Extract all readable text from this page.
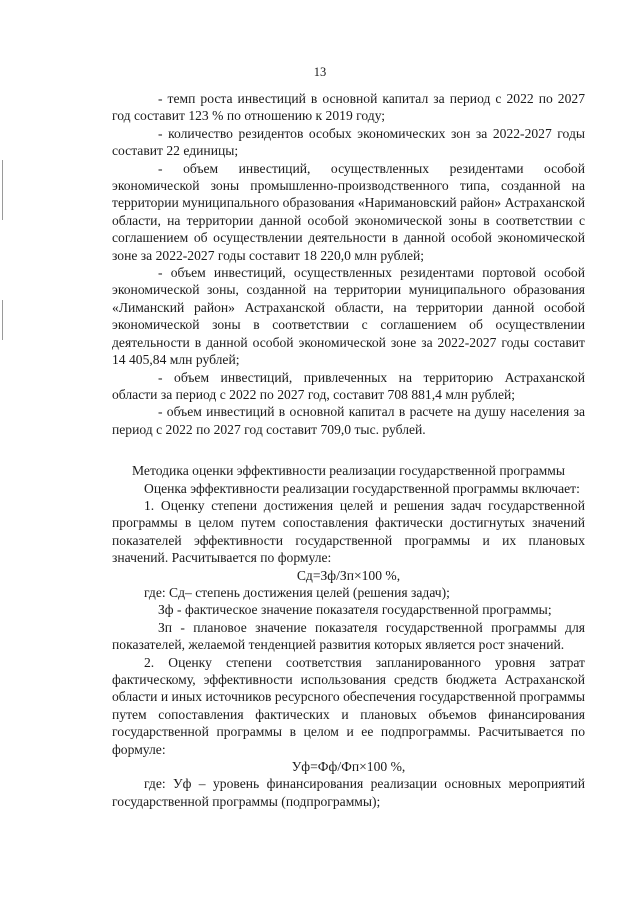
13

- темп роста инвестиций в основной капитал за период с 2022 по 2027 год составит 123 % по отношению к 2019 году;

- количество резидентов особых экономических зон за 2022-2027 годы составит 22 единицы;

- объем инвестиций, осуществленных резидентами особой экономической зоны промышленно-производственного типа, созданной на территории муниципального образования «Наримановский район» Астраханской области, на территории данной особой экономической зоны в соответствии с соглашением об осуществлении деятельности в данной особой экономической зоне за 2022-2027 годы составит 18 220,0 млн рублей;

- объем инвестиций, осуществленных резидентами портовой особой экономической зоны, созданной на территории муниципального образования «Лиманский район» Астраханской области, на территории данной особой экономической зоны в соответствии с соглашением об осуществлении деятельности в данной особой экономической зоне за 2022-2027 годы составит 14 405,84 млн рублей;

- объем инвестиций, привлеченных на территорию Астраханской области за период с 2022 по 2027 год, составит 708 881,4 млн рублей;

- объем инвестиций в основной капитал в расчете на душу населения за период с 2022 по 2027 год составит 709,0 тыс. рублей.

Методика оценки эффективности реализации государственной программы

Оценка эффективности реализации государственной программы включает:

1. Оценку степени достижения целей и решения задач государственной программы в целом путем сопоставления фактически достигнутых значений показателей эффективности государственной программы и их плановых значений. Расчитывается по формуле:

Сд=Зф/Зп×100 %,

где: Сд– степень достижения целей (решения задач);

Зф - фактическое значение показателя государственной программы;

Зп - плановое значение показателя государственной программы для показателей, желаемой тенденцией развития которых является рост значений.

2. Оценку степени соответствия запланированного уровня затрат фактическому, эффективности использования средств бюджета Астраханской области и иных источников ресурсного обеспечения государственной программы путем сопоставления фактических и плановых объемов финансирования государственной программы в целом и ее подпрограммы. Расчитывается по формуле:

Уф=Фф/Фп×100 %,

где: Уф – уровень финансирования реализации основных мероприятий государственной программы (подпрограммы);
